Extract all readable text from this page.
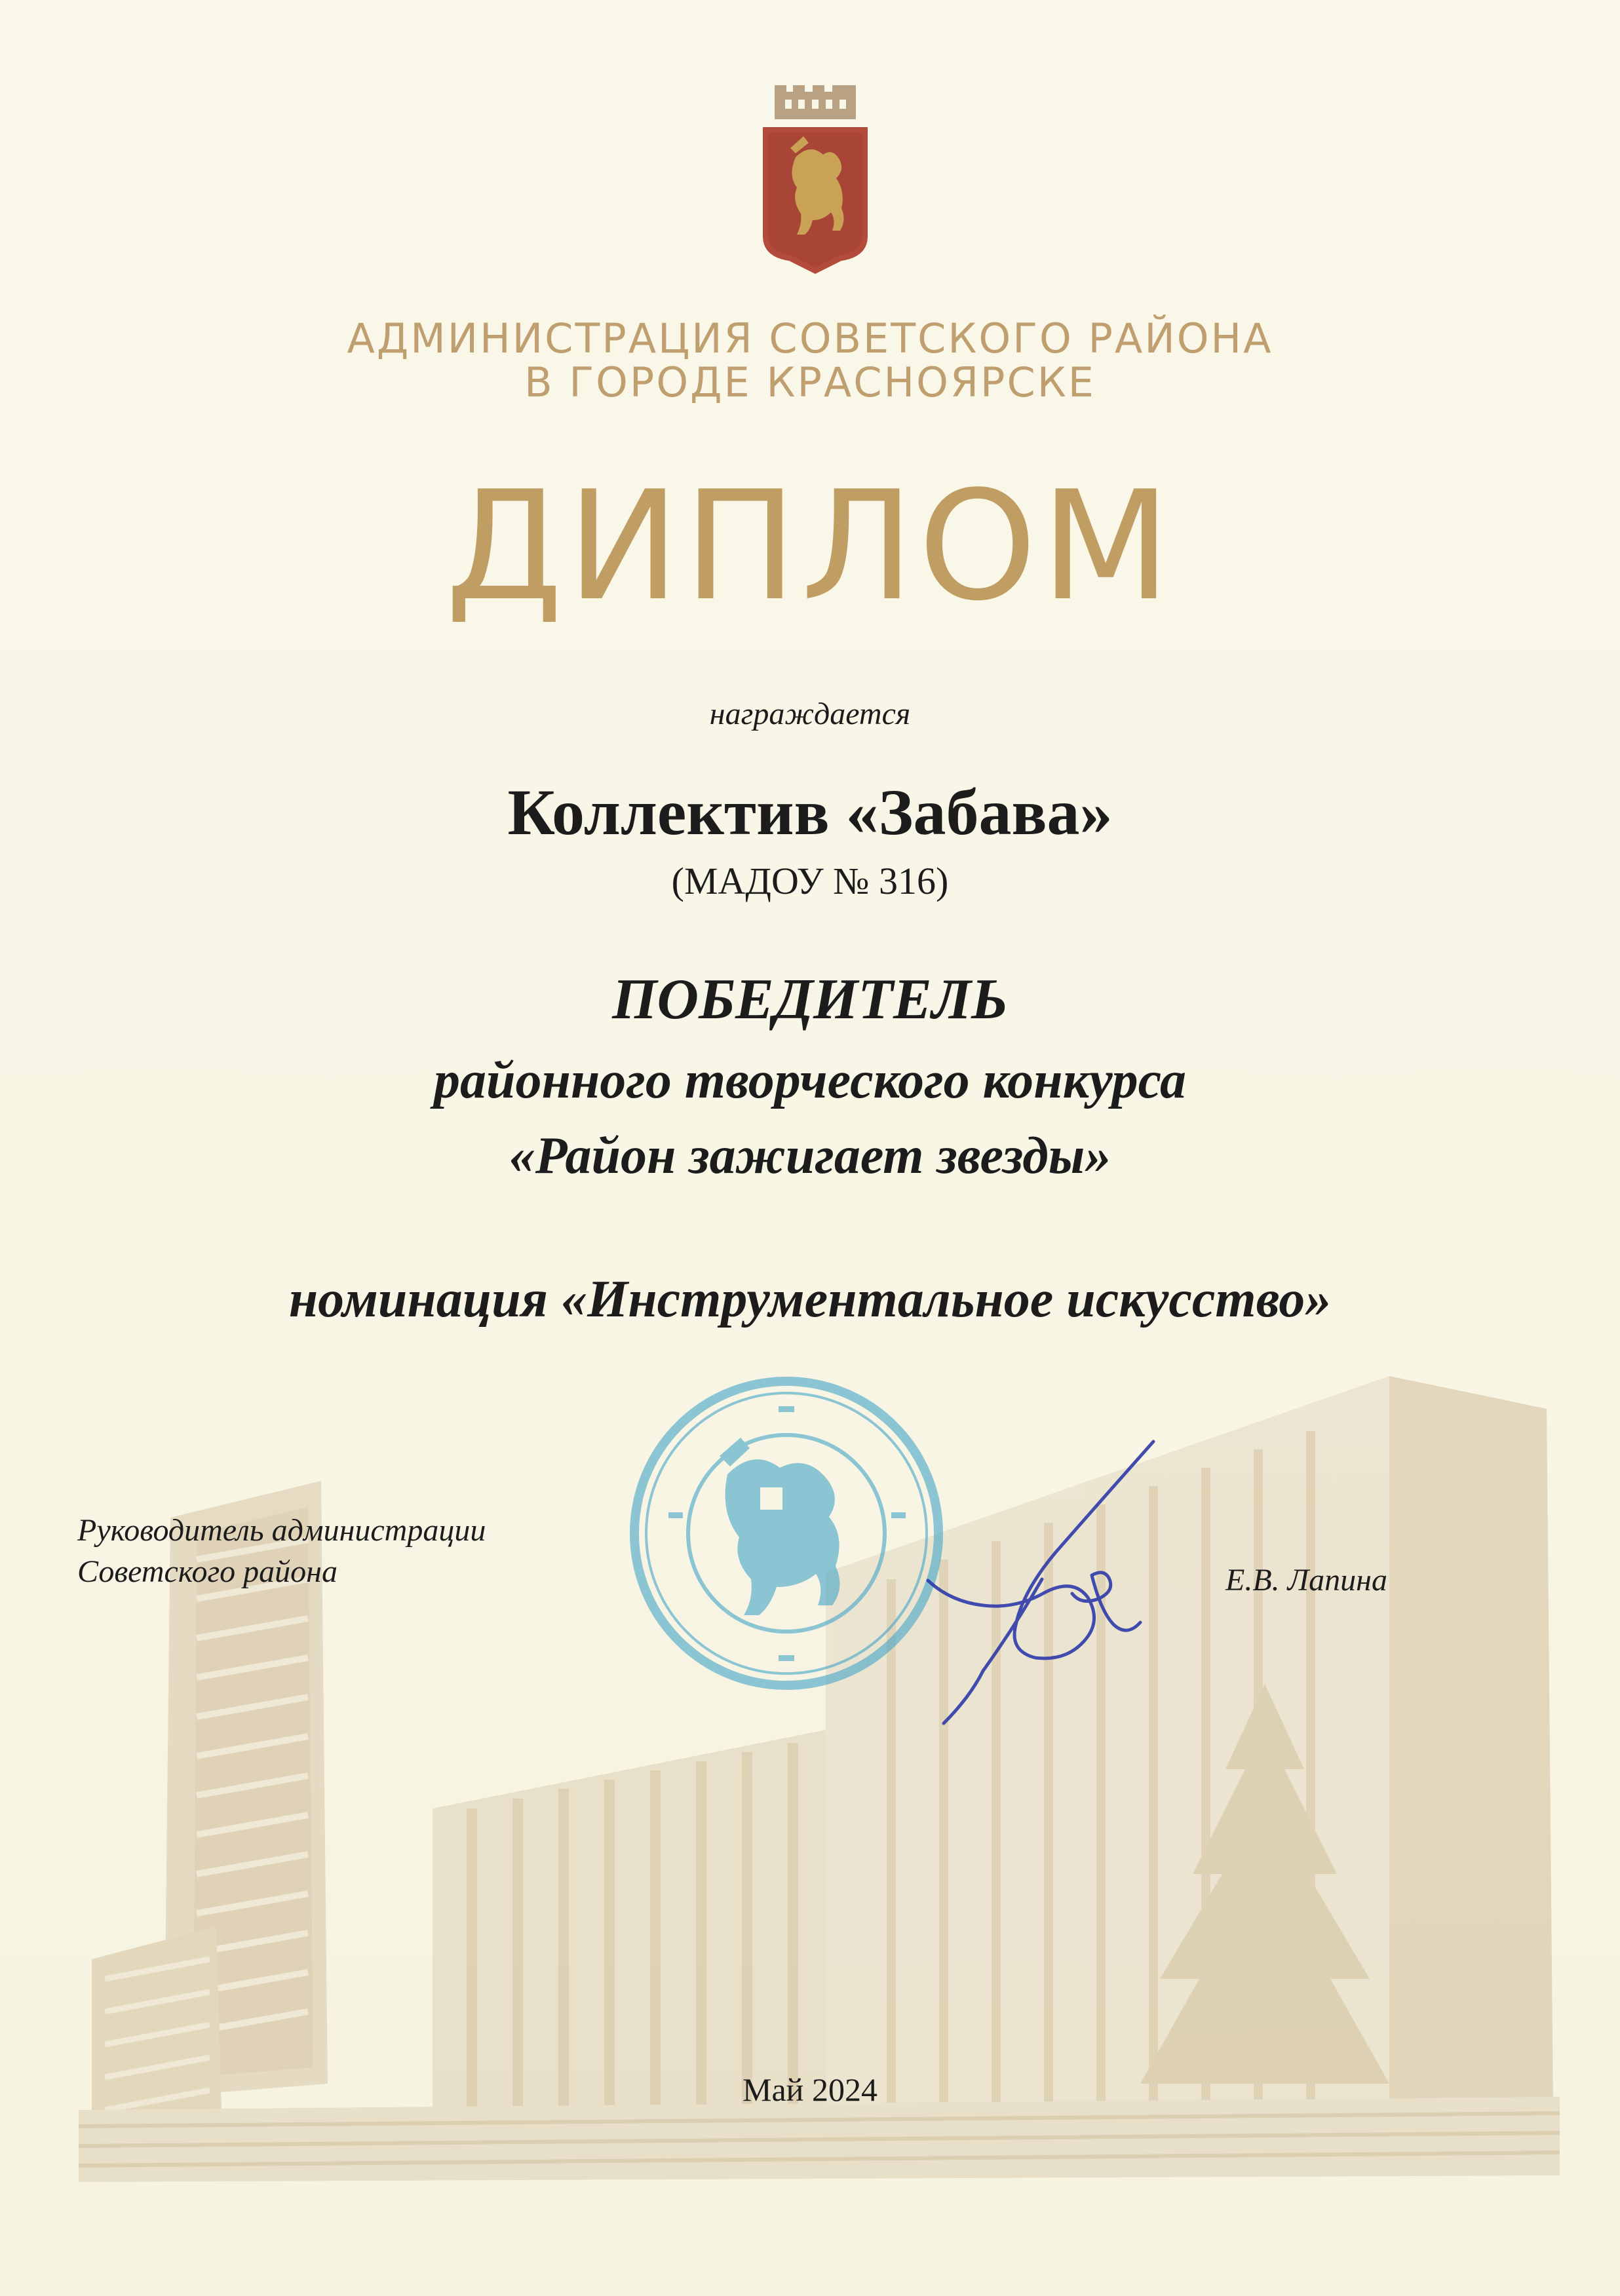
АДМИНИСТРАЦИЯ СОВЕТСКОГО РАЙОНА
В ГОРОДЕ КРАСНОЯРСКЕ
ДИПЛОМ
награждается
Коллектив «Забава»
(МАДОУ № 316)
ПОБЕДИТЕЛЬ
районного творческого конкурса
«Район зажигает звезды»
номинация «Инструментальное искусство»
Руководитель администрации
Советского района	Е.В. Лапина
Май 2024
